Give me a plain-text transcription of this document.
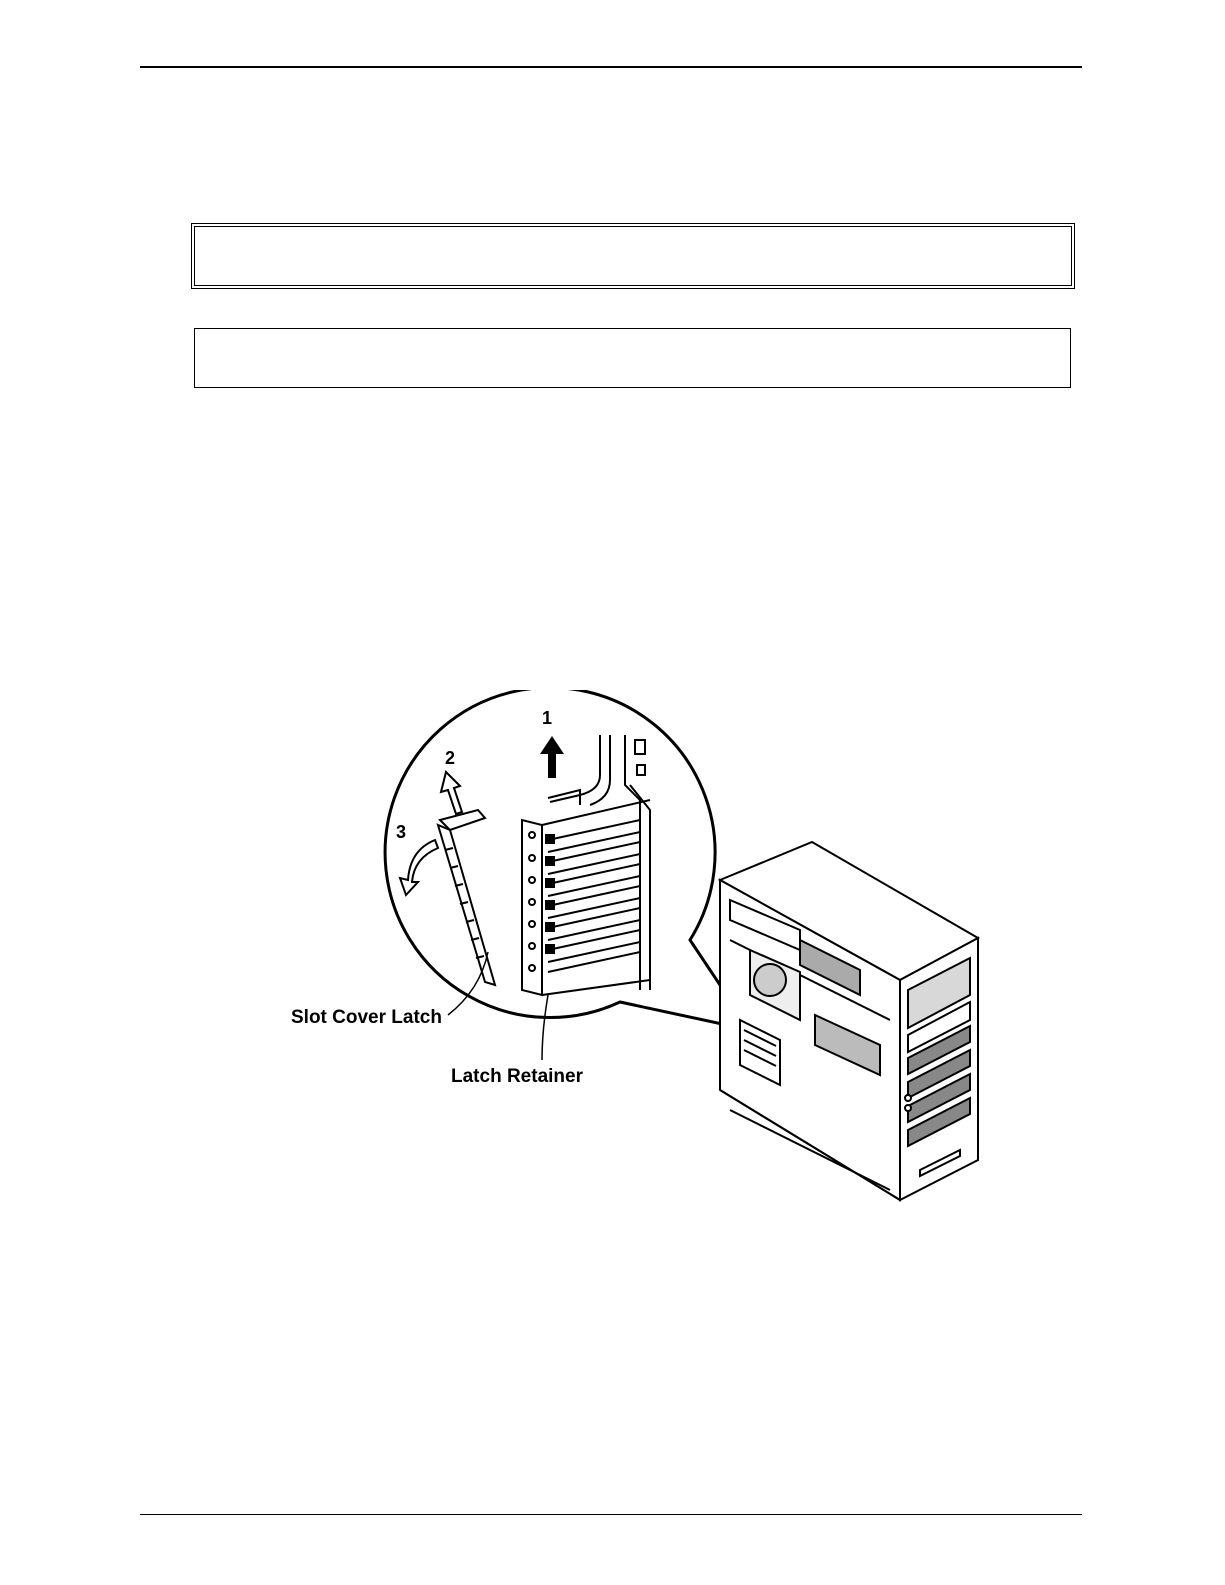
1
2
3
Slot Cover Latch
Latch Retainer
